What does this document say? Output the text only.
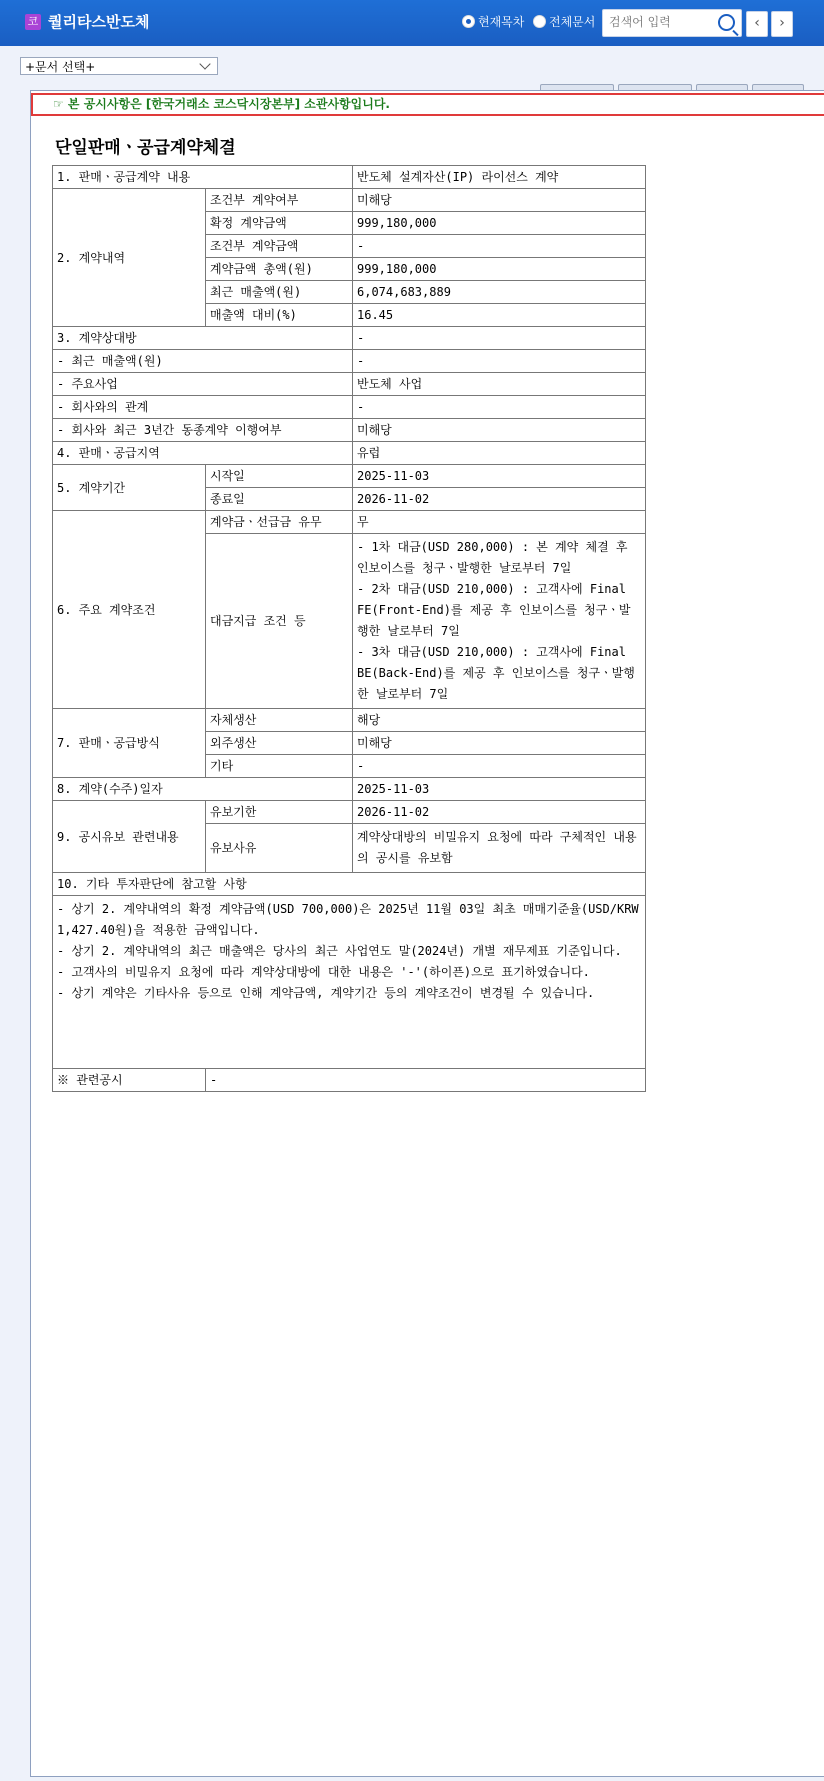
코 퀄리타스반도체	현재목차 전체문서
검색어 입력	‹	›
+문서 선택+
☞ 본 공시사항은 [한국거래소 코스닥시장본부] 소관사항입니다.
단일판매ㆍ공급계약체결
1. 판매ㆍ공급계약 내용		반도체 설계자산(IP) 라이선스 계약
2. 계약내역	조건부 계약여부	미해당
	확정 계약금액	999,180,000
	조건부 계약금액	-
	계약금액 총액(원)	999,180,000
	최근 매출액(원)	6,074,683,889
	매출액 대비(%)	16.45
3. 계약상대방		-
- 최근 매출액(원)		-
- 주요사업		반도체 사업
- 회사와의 관계		-
- 회사와 최근 3년간 동종계약 이행여부		미해당
4. 판매ㆍ공급지역		유럽
5. 계약기간	시작일	2025-11-03
	종료일	2026-11-02
6. 주요 계약조건	계약금ㆍ선급금 유무	무
	대금지급 조건 등	- 1차 대금(USD 280,000) : 본 계약 체결 후 인보이스를 청구ㆍ발행한 날로부터 7일
- 2차 대금(USD 210,000) : 고객사에 Final FE(Front-End)를 제공 후 인보이스를 청구ㆍ발행한 날로부터 7일
- 3차 대금(USD 210,000) : 고객사에 Final BE(Back-End)를 제공 후 인보이스를 청구ㆍ발행한 날로부터 7일
7. 판매ㆍ공급방식	자체생산	해당
	외주생산	미해당
	기타	-
8. 계약(수주)일자		2025-11-03
9. 공시유보 관련내용	유보기한	2026-11-02
	유보사유	계약상대방의 비밀유지 요청에 따라 구체적인 내용의 공시를 유보함
10. 기타 투자판단에 참고할 사항		
- 상기 2. 계약내역의 확정 계약금액(USD 700,000)은 2025년 11월 03일 최초 매매기준율(USD/KRW 1,427.40원)을 적용한 금액입니다.
- 상기 2. 계약내역의 최근 매출액은 당사의 최근 사업연도 말(2024년) 개별 재무제표 기준입니다.
- 고객사의 비밀유지 요청에 따라 계약상대방에 대한 내용은 '-'(하이픈)으로 표기하였습니다.
- 상기 계약은 기타사유 등으로 인해 계약금액, 계약기간 등의 계약조건이 변경될 수 있습니다.		
※ 관련공시	-	
